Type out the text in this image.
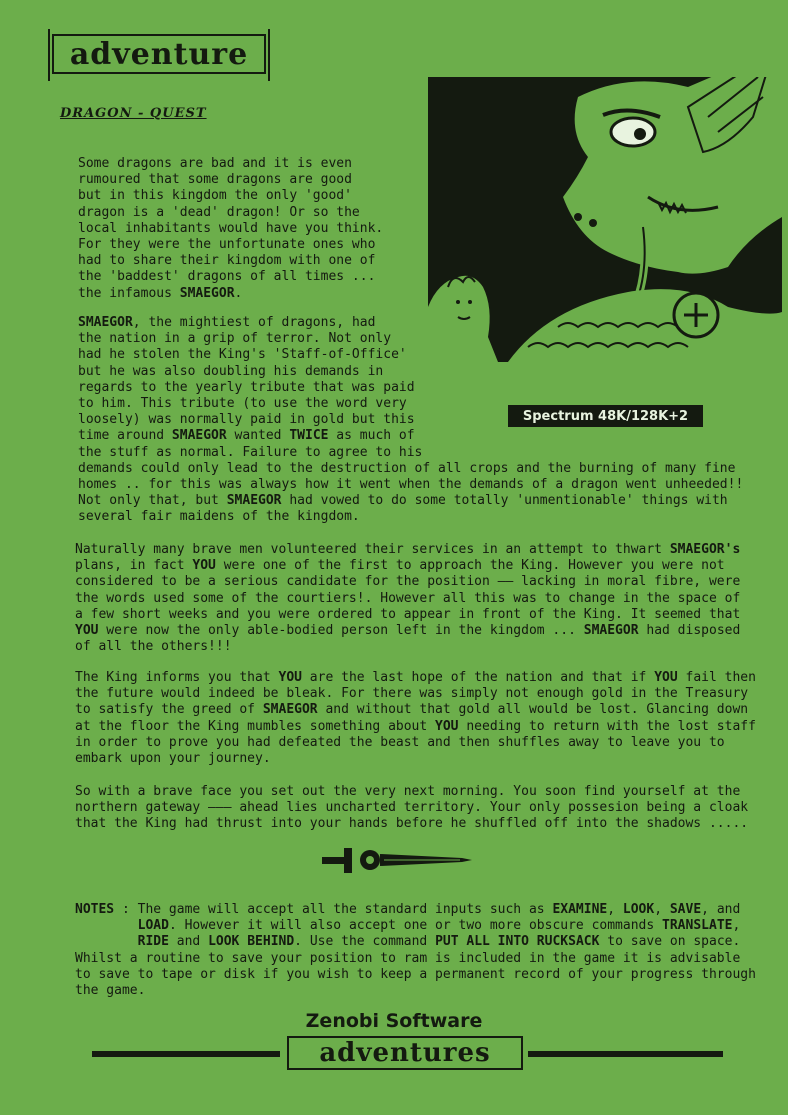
adventure
DRAGON - QUEST
Spectrum 48K/128K+2
Some dragons are bad and it is even
rumoured that some dragons are good
but in this kingdom the only 'good'
dragon is a 'dead' dragon! Or so the
local inhabitants would have you think.
For they were the unfortunate ones who
had to share their kingdom with one of
the 'baddest' dragons of all times ...
the infamous SMAEGOR.
SMAEGOR, the mightiest of dragons, had
the nation in a grip of terror. Not only
had he stolen the King's 'Staff-of-Office'
but he was also doubling his demands in
regards to the yearly tribute that was paid
to him. This tribute (to use the word very
loosely) was normally paid in gold but this
time around SMAEGOR wanted TWICE as much of
the stuff as normal. Failure to agree to his
demands could only lead to the destruction of all crops and the burning of many fine
homes .. for this was always how it went when the demands of a dragon went unheeded!!
Not only that, but SMAEGOR had vowed to do some totally 'unmentionable' things with
several fair maidens of the kingdom.
Naturally many brave men volunteered their services in an attempt to thwart SMAEGOR's
plans, in fact YOU were one of the first to approach the King. However you were not
considered to be a serious candidate for the position —— lacking in moral fibre, were
the words used some of the courtiers!. However all this was to change in the space of
a few short weeks and you were ordered to appear in front of the King. It seemed that
YOU were now the only able-bodied person left in the kingdom ... SMAEGOR had disposed
of all the others!!!
The King informs you that YOU are the last hope of the nation and that if YOU fail then
the future would indeed be bleak. For there was simply not enough gold in the Treasury
to satisfy the greed of SMAEGOR and without that gold all would be lost. Glancing down
at the floor the King mumbles something about YOU needing to return with the lost staff
in order to prove you had defeated the beast and then shuffles away to leave you to
embark upon your journey.
So with a brave face you set out the very next morning. You soon find yourself at the
northern gateway ——— ahead lies uncharted territory. Your only possesion being a cloak
that the King had thrust into your hands before he shuffled off into the shadows .....
NOTES : The game will accept all the standard inputs such as EXAMINE, LOOK, SAVE, and
LOAD. However it will also accept one or two more obscure commands TRANSLATE,
RIDE and LOOK BEHIND. Use the command PUT ALL INTO RUCKSACK to save on space.
Whilst a routine to save your position to ram is included in the game it is advisable
to save to tape or disk if you wish to keep a permanent record of your progress through
the game.
Zenobi Software
adventures
